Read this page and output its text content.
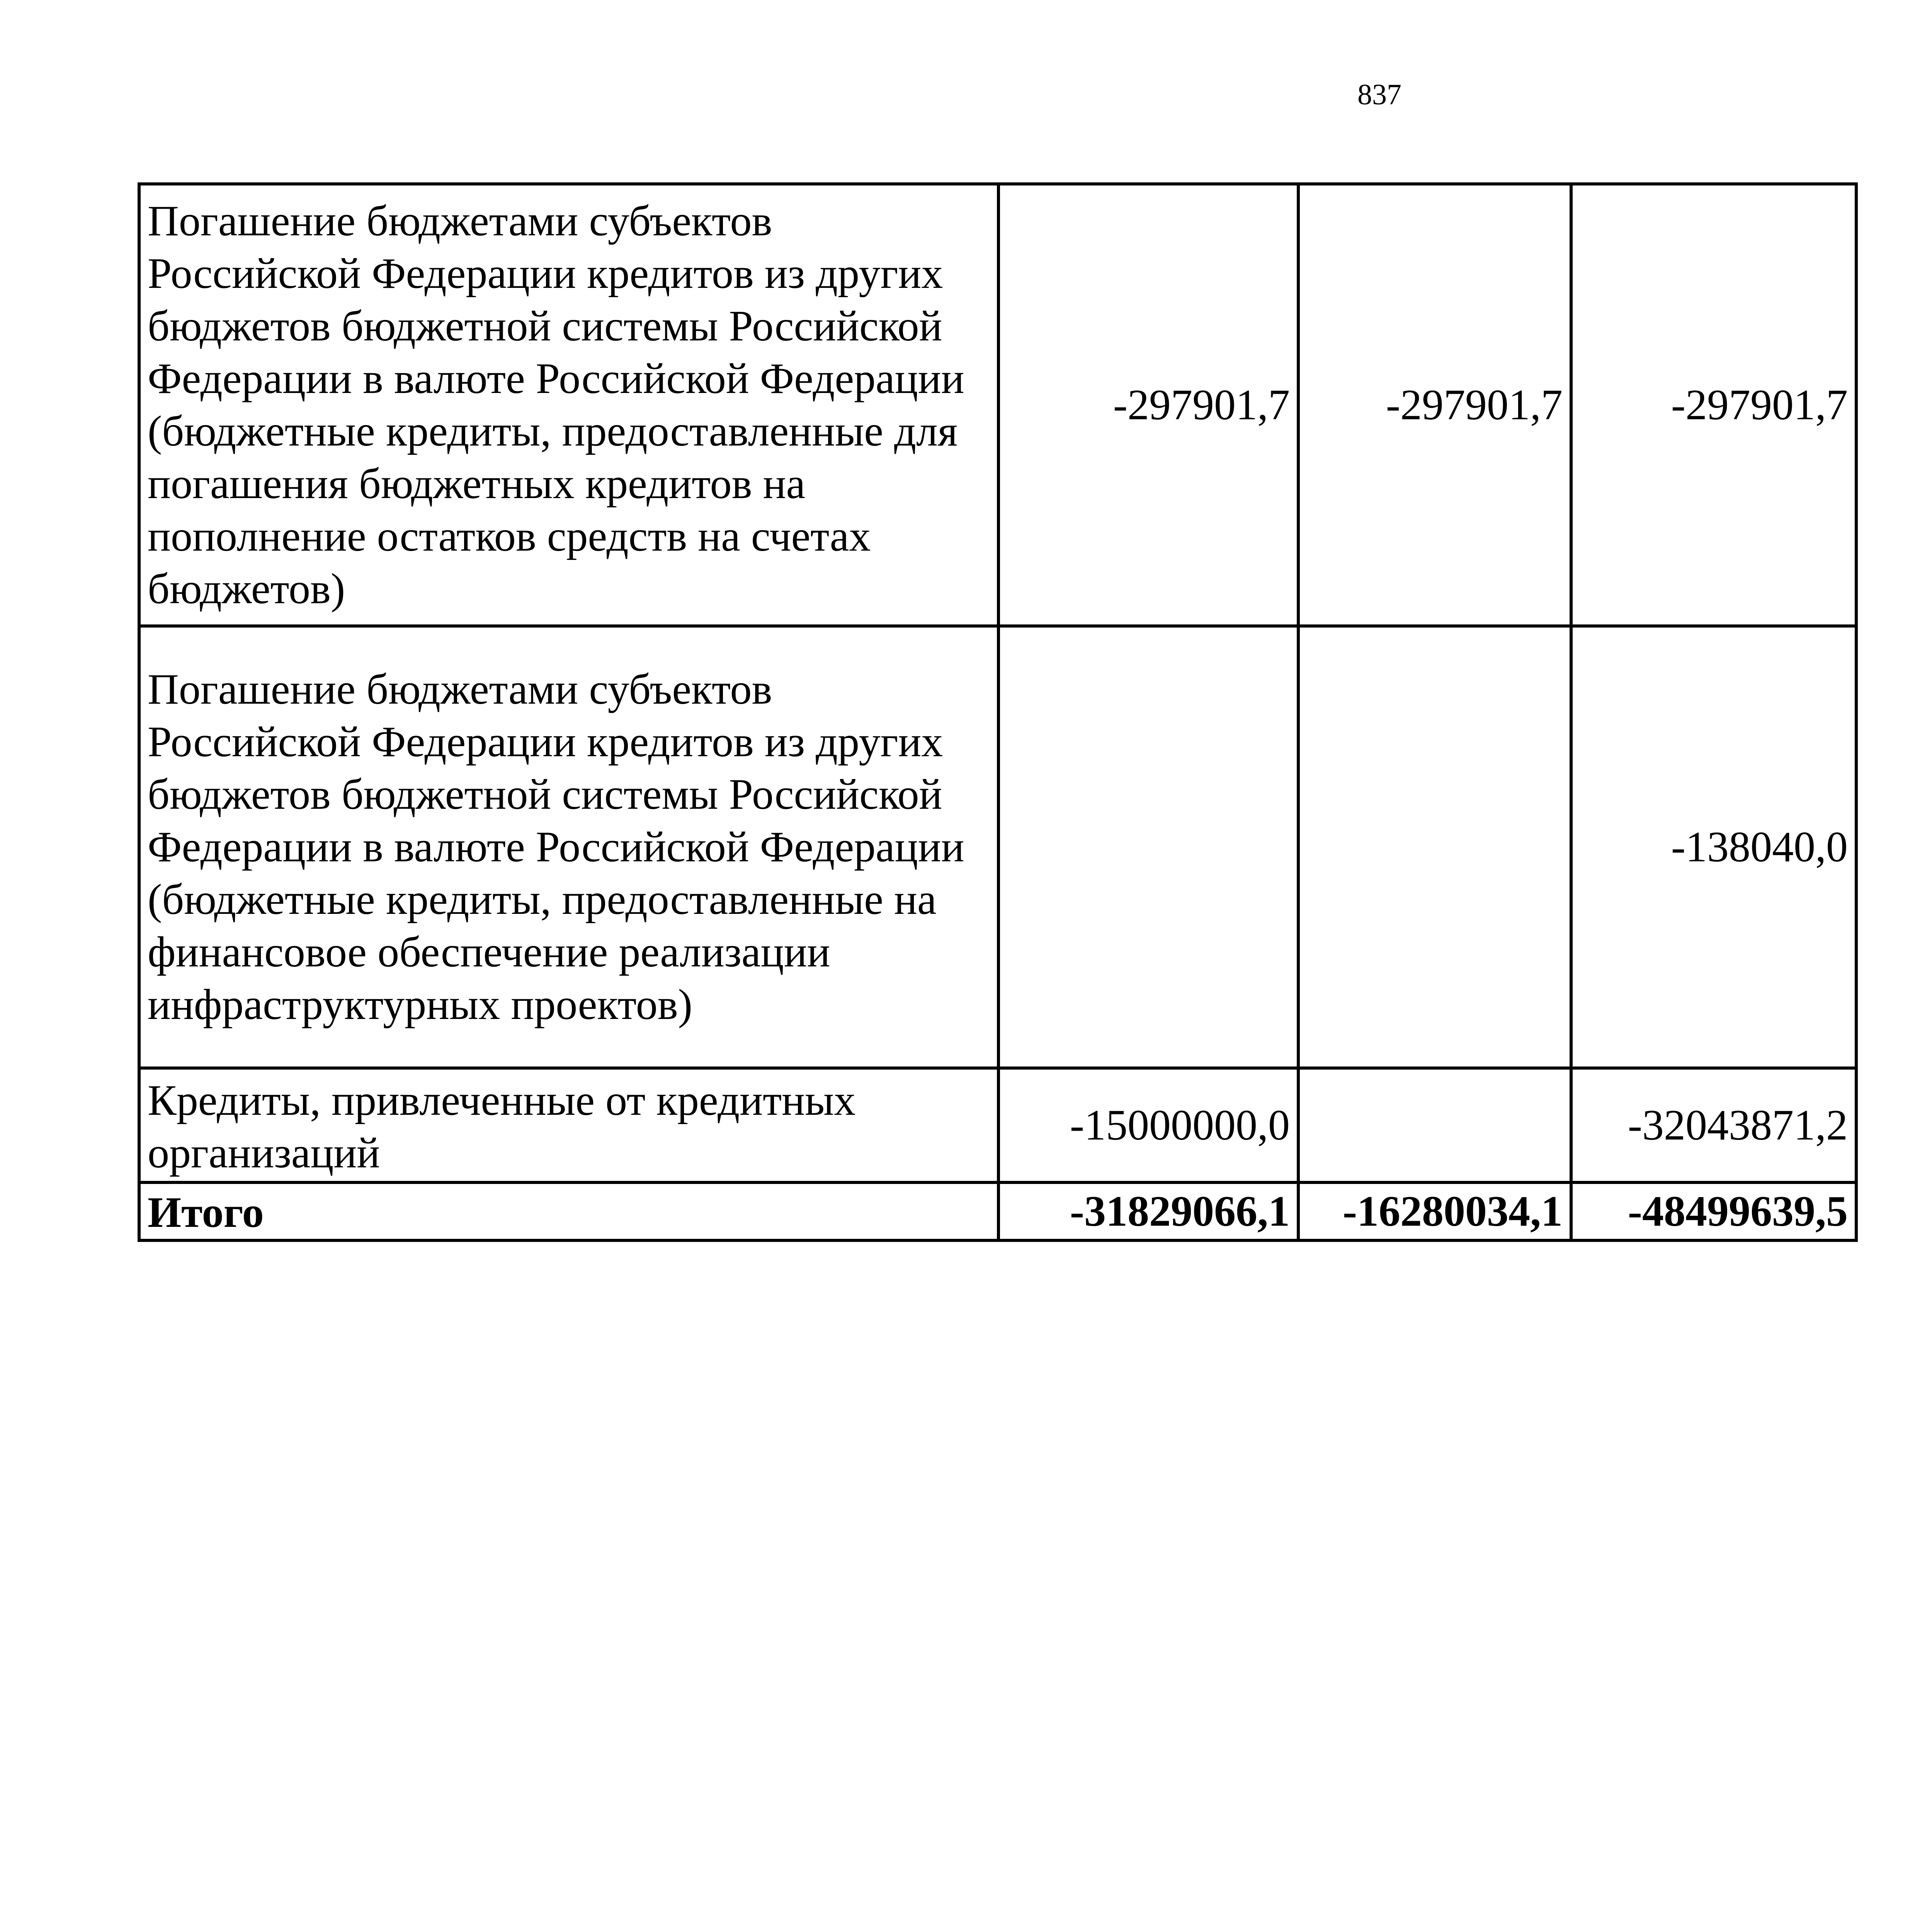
837
Погашение бюджетами субъектов Российской Федерации кредитов из других бюджетов бюджетной системы Российской Федерации в валюте Российской Федерации (бюджетные кредиты, предоставленные для погашения бюджетных кредитов на пополнение остатков средств на счетах бюджетов)	-297901,7	-297901,7	-297901,7
Погашение бюджетами субъектов Российской Федерации кредитов из других бюджетов бюджетной системы Российской Федерации в валюте Российской Федерации (бюджетные кредиты, предоставленные на финансовое обеспечение реализации инфраструктурных проектов)			-138040,0
Кредиты, привлеченные от кредитных организаций	-15000000,0		-32043871,2
Итого	-31829066,1	-16280034,1	-48499639,5
